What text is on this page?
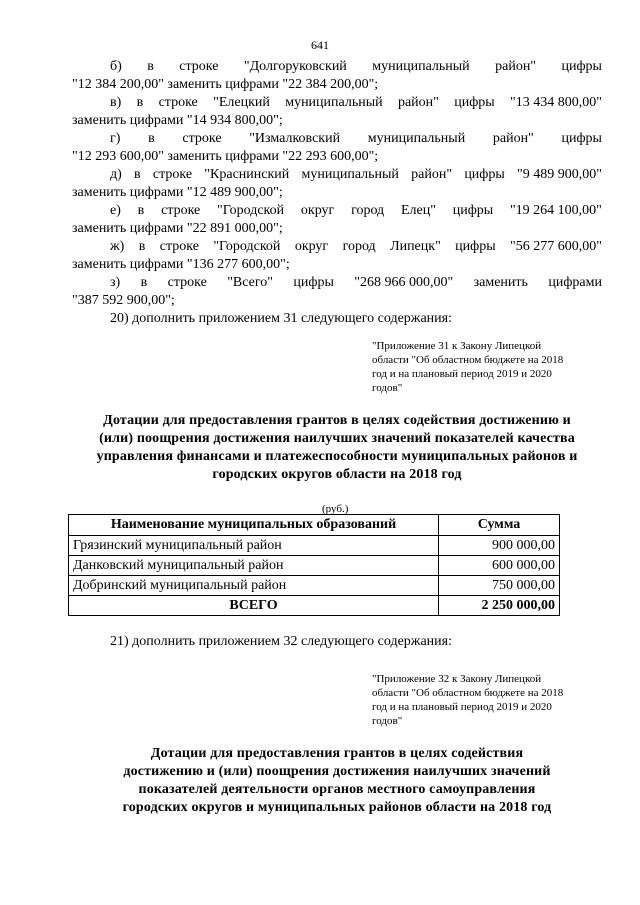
641
б) в строке "Долгоруковский муниципальный район" цифры
"12 384 200,00" заменить цифрами "22 384 200,00";
в) в строке "Елецкий муниципальный район" цифры "13 434 800,00"
заменить цифрами "14 934 800,00";
г) в строке "Измалковский муниципальный район" цифры
"12 293 600,00" заменить цифрами "22 293 600,00";
д) в строке "Краснинский муниципальный район" цифры "9 489 900,00"
заменить цифрами "12 489 900,00";
е) в строке "Городской округ город Елец" цифры "19 264 100,00"
заменить цифрами "22 891 000,00";
ж) в строке "Городской округ город Липецк" цифры "56 277 600,00"
заменить цифрами "136 277 600,00";
з) в строке "Всего" цифры "268 966 000,00" заменить цифрами
"387 592 900,00";
20) дополнить приложением 31 следующего содержания:
"Приложение 31 к Закону Липецкой
области "Об областном бюджете на 2018
год и на плановый период 2019 и 2020
годов"
Дотации для предоставления грантов в целях содействия достижению и
(или) поощрения достижения наилучших значений показателей качества
управления финансами и платежеспособности муниципальных районов и
городских округов области на 2018 год
(руб.)
Наименование муниципальных образований	Сумма
Грязинский муниципальный район	900 000,00
Данковский муниципальный район	600 000,00
Добринский муниципальный район	750 000,00
ВСЕГО	2 250 000,00
21) дополнить приложением 32 следующего содержания:
"Приложение 32 к Закону Липецкой
области "Об областном бюджете на 2018
год и на плановый период 2019 и 2020
годов"
Дотации для предоставления грантов в целях содействия
достижению и (или) поощрения достижения наилучших значений
показателей деятельности органов местного самоуправления
городских округов и муниципальных районов области на 2018 год
